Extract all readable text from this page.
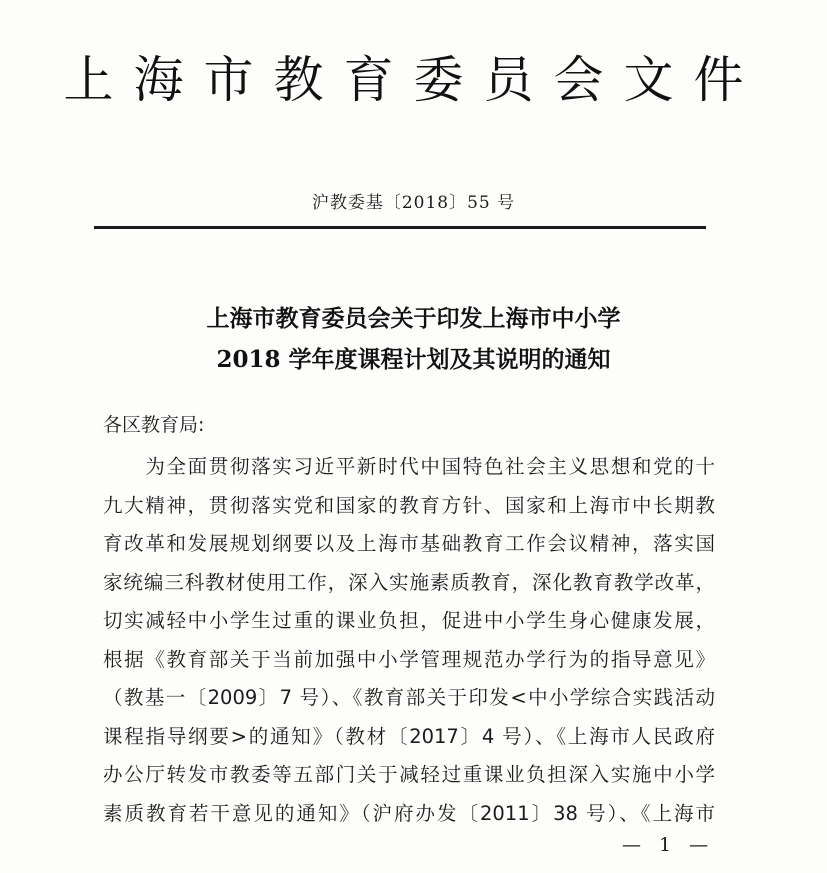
上海市教育委员会文件
沪教委基〔2018〕55 号
上海市教育委员会关于印发上海市中小学
2018 学年度课程计划及其说明的通知
各区教育局:
　　为全面贯彻落实习近平新时代中国特色社会主义思想和党的十
九大精神，贯彻落实党和国家的教育方针、国家和上海市中长期教
育改革和发展规划纲要以及上海市基础教育工作会议精神，落实国
家统编三科教材使用工作，深入实施素质教育，深化教育教学改革，
切实减轻中小学生过重的课业负担，促进中小学生身心健康发展，
根据《教育部关于当前加强中小学管理规范办学行为的指导意见》
（教基一〔2009〕7 号）、《教育部关于印发<中小学综合实践活动
课程指导纲要>的通知》（教材〔2017〕4 号）、《上海市人民政府
办公厅转发市教委等五部门关于减轻过重课业负担深入实施中小学
素质教育若干意见的通知》（沪府办发〔2011〕38 号）、《上海市
— 1 —
